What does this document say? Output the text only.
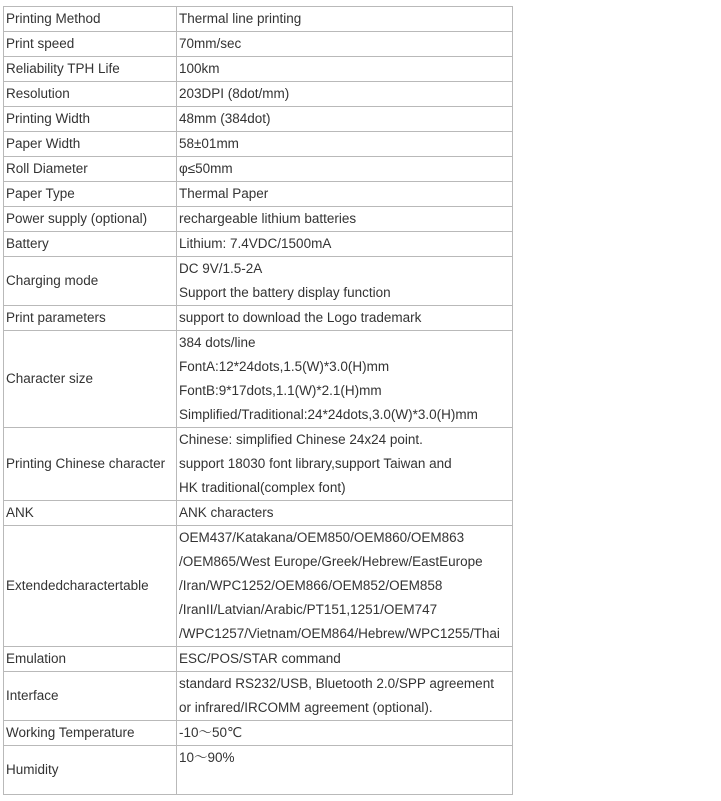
Printing Method	Thermal line printing

Print speed	70mm/sec

Reliability TPH Life	100km

Resolution	203DPI (8dot/mm)

Printing Width	48mm (384dot)

Paper Width	58±01mm

Roll Diameter	φ≤50mm

Paper Type	Thermal Paper

Power supply (optional)	rechargeable lithium batteries

Battery	Lithium: 7.4VDC/1500mA

Charging mode	DC 9V/1.5-2A
Support the battery display function

Print parameters	support to download the Logo trademark

Character size	384 dots/line
FontA:12*24dots,1.5(W)*3.0(H)mm
FontB:9*17dots,1.1(W)*2.1(H)mm
Simplified/Traditional:24*24dots,3.0(W)*3.0(H)mm

Printing Chinese character	Chinese: simplified Chinese 24x24 point.
support 18030 font library,support Taiwan and
HK traditional(complex font)

ANK	ANK characters

Extendedcharactertable	OEM437/Katakana/OEM850/OEM860/OEM863
/OEM865/West Europe/Greek/Hebrew/EastEurope
/Iran/WPC1252/OEM866/OEM852/OEM858
/IranII/Latvian/Arabic/PT151,1251/OEM747
/WPC1257/Vietnam/OEM864/Hebrew/WPC1255/Thai

Emulation	ESC/POS/STAR command

Interface	standard RS232/USB, Bluetooth 2.0/SPP agreement
or infrared/IRCOMM agreement (optional).

Working Temperature	-10～50℃

Humidity	10～90%
